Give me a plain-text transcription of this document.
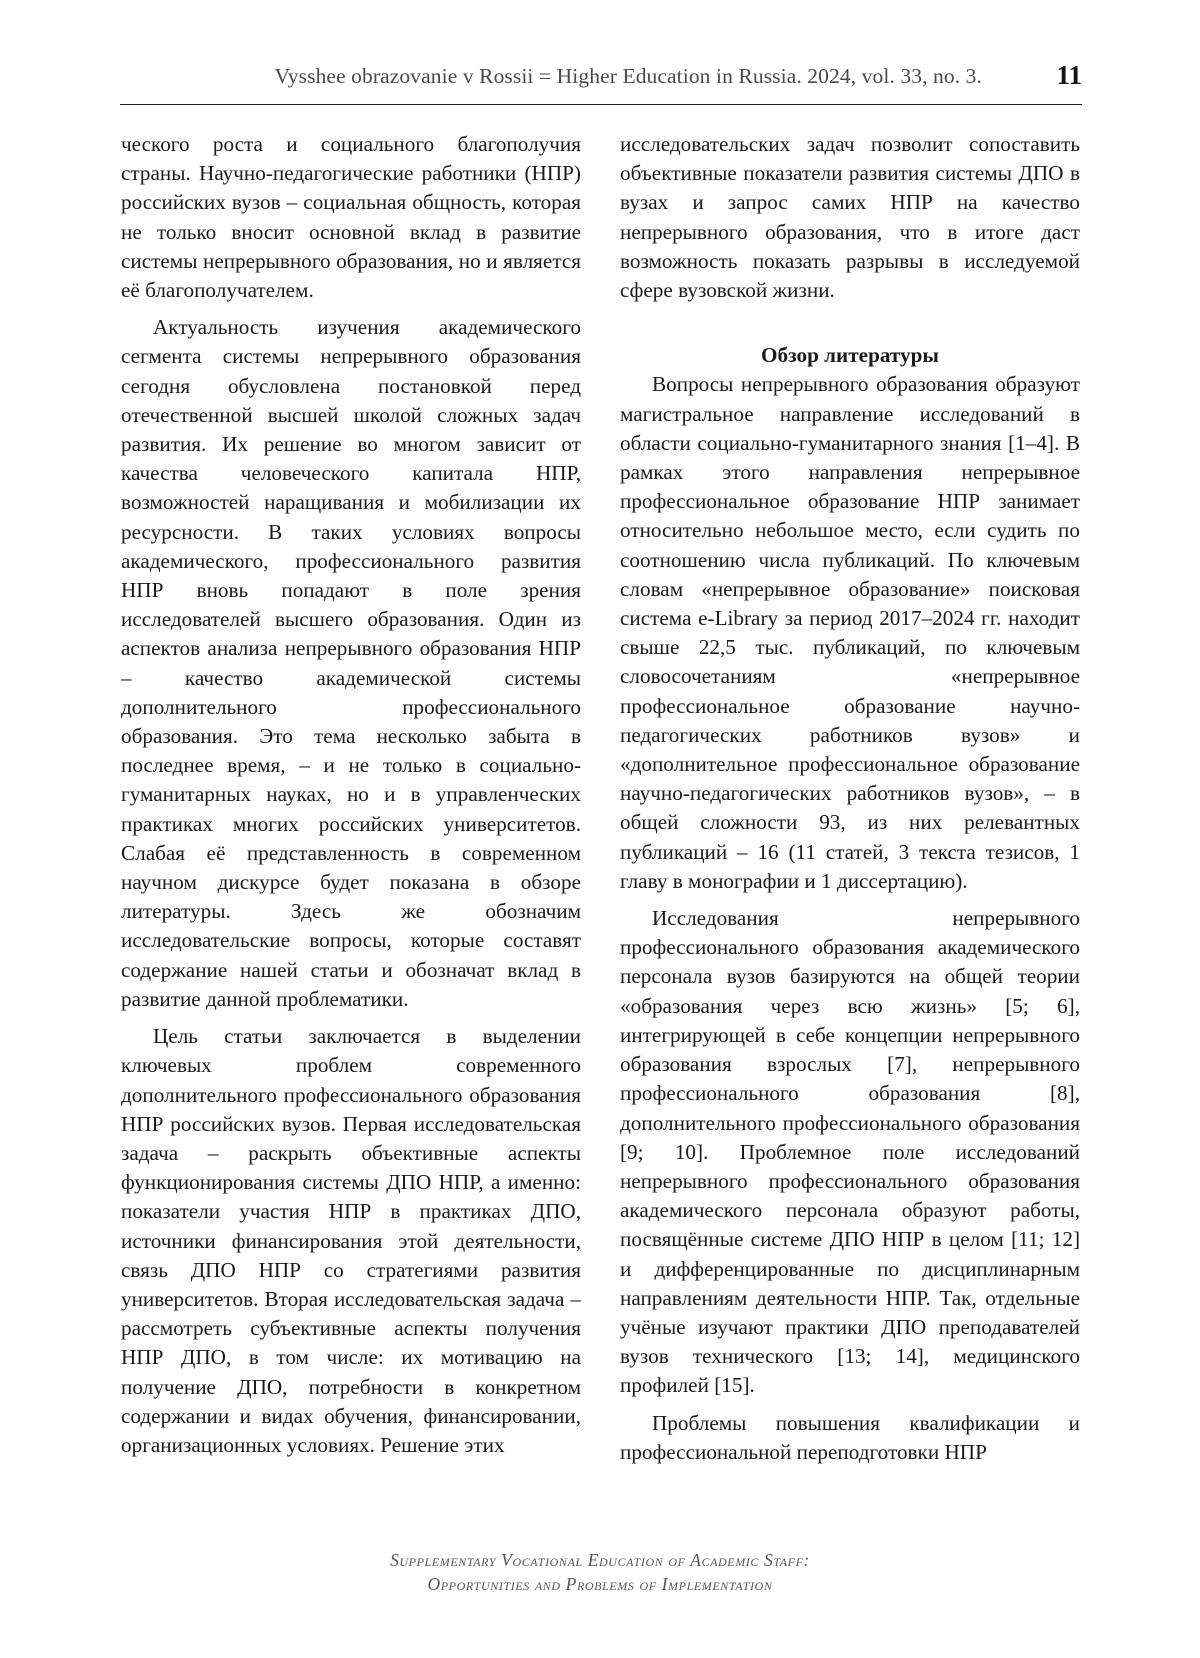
Vysshee obrazovanie v Rossii = Higher Education in Russia. 2024, vol. 33, no. 3.	11

ческого роста и социального благополучия страны. Научно-педагогические работники (НПР) российских вузов – социальная общность, которая не только вносит основной вклад в развитие системы непрерывного образования, но и является её благополучателем.

Актуальность изучения академического сегмента системы непрерывного образования сегодня обусловлена постановкой перед отечественной высшей школой сложных задач развития. Их решение во многом зависит от качества человеческого капитала НПР, возможностей наращивания и мобилизации их ресурсности. В таких условиях вопросы академического, профессионального развития НПР вновь попадают в поле зрения исследователей высшего образования. Один из аспектов анализа непрерывного образования НПР – качество академической системы дополнительного профессионального образования. Это тема несколько забыта в последнее время, – и не только в социально-гуманитарных науках, но и в управленческих практиках многих российских университетов. Слабая её представленность в современном научном дискурсе будет показана в обзоре литературы. Здесь же обозначим исследовательские вопросы, которые составят содержание нашей статьи и обозначат вклад в развитие данной проблематики.

Цель статьи заключается в выделении ключевых проблем современного дополнительного профессионального образования НПР российских вузов. Первая исследовательская задача – раскрыть объективные аспекты функционирования системы ДПО НПР, а именно: показатели участия НПР в практиках ДПО, источники финансирования этой деятельности, связь ДПО НПР со стратегиями развития университетов. Вторая исследовательская задача – рассмотреть субъективные аспекты получения НПР ДПО, в том числе: их мотивацию на получение ДПО, потребности в конкретном содержании и видах обучения, финансировании, организационных условиях. Решение этих

исследовательских задач позволит сопоставить объективные показатели развития системы ДПО в вузах и запрос самих НПР на качество непрерывного образования, что в итоге даст возможность показать разрывы в исследуемой сфере вузовской жизни.

Обзор литературы

Вопросы непрерывного образования образуют магистральное направление исследований в области социально-гуманитарного знания [1–4]. В рамках этого направления непрерывное профессиональное образование НПР занимает относительно небольшое место, если судить по соотношению числа публикаций. По ключевым словам «непрерывное образование» поисковая система e-Library за период 2017–2024 гг. находит свыше 22,5 тыс. публикаций, по ключевым словосочетаниям «непрерывное профессиональное образование научно-педагогических работников вузов» и «дополнительное профессиональное образование научно-педагогических работников вузов», – в общей сложности 93, из них релевантных публикаций – 16 (11 статей, 3 текста тезисов, 1 главу в монографии и 1 диссертацию).

Исследования непрерывного профессионального образования академического персонала вузов базируются на общей теории «образования через всю жизнь» [5; 6], интегрирующей в себе концепции непрерывного образования взрослых [7], непрерывного профессионального образования [8], дополнительного профессионального образования [9; 10]. Проблемное поле исследований непрерывного профессионального образования академического персонала образуют работы, посвящённые системе ДПО НПР в целом [11; 12] и дифференцированные по дисциплинарным направлениям деятельности НПР. Так, отдельные учёные изучают практики ДПО преподавателей вузов технического [13; 14], медицинского профилей [15].

Проблемы повышения квалификации и профессиональной переподготовки НПР

Supplementary Vocational Education of Academic Staff:
Opportunities and Problems of Implementation
